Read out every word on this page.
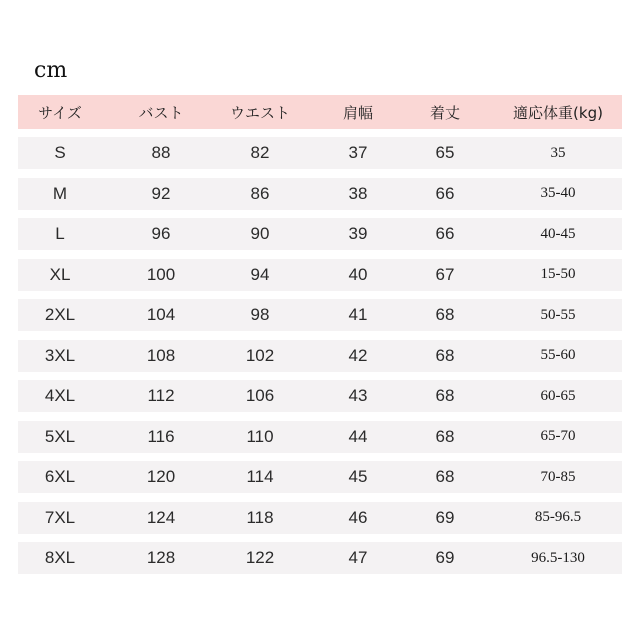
cm
サイズ	バスト	ウエスト	肩幅	着丈	適応体重(kg)
S	88	82	37	65	35
M	92	86	38	66	35-40
L	96	90	39	66	40-45
XL	100	94	40	67	15-50
2XL	104	98	41	68	50-55
3XL	108	102	42	68	55-60
4XL	112	106	43	68	60-65
5XL	116	110	44	68	65-70
6XL	120	114	45	68	70-85
7XL	124	118	46	69	85-96.5
8XL	128	122	47	69	96.5-130
